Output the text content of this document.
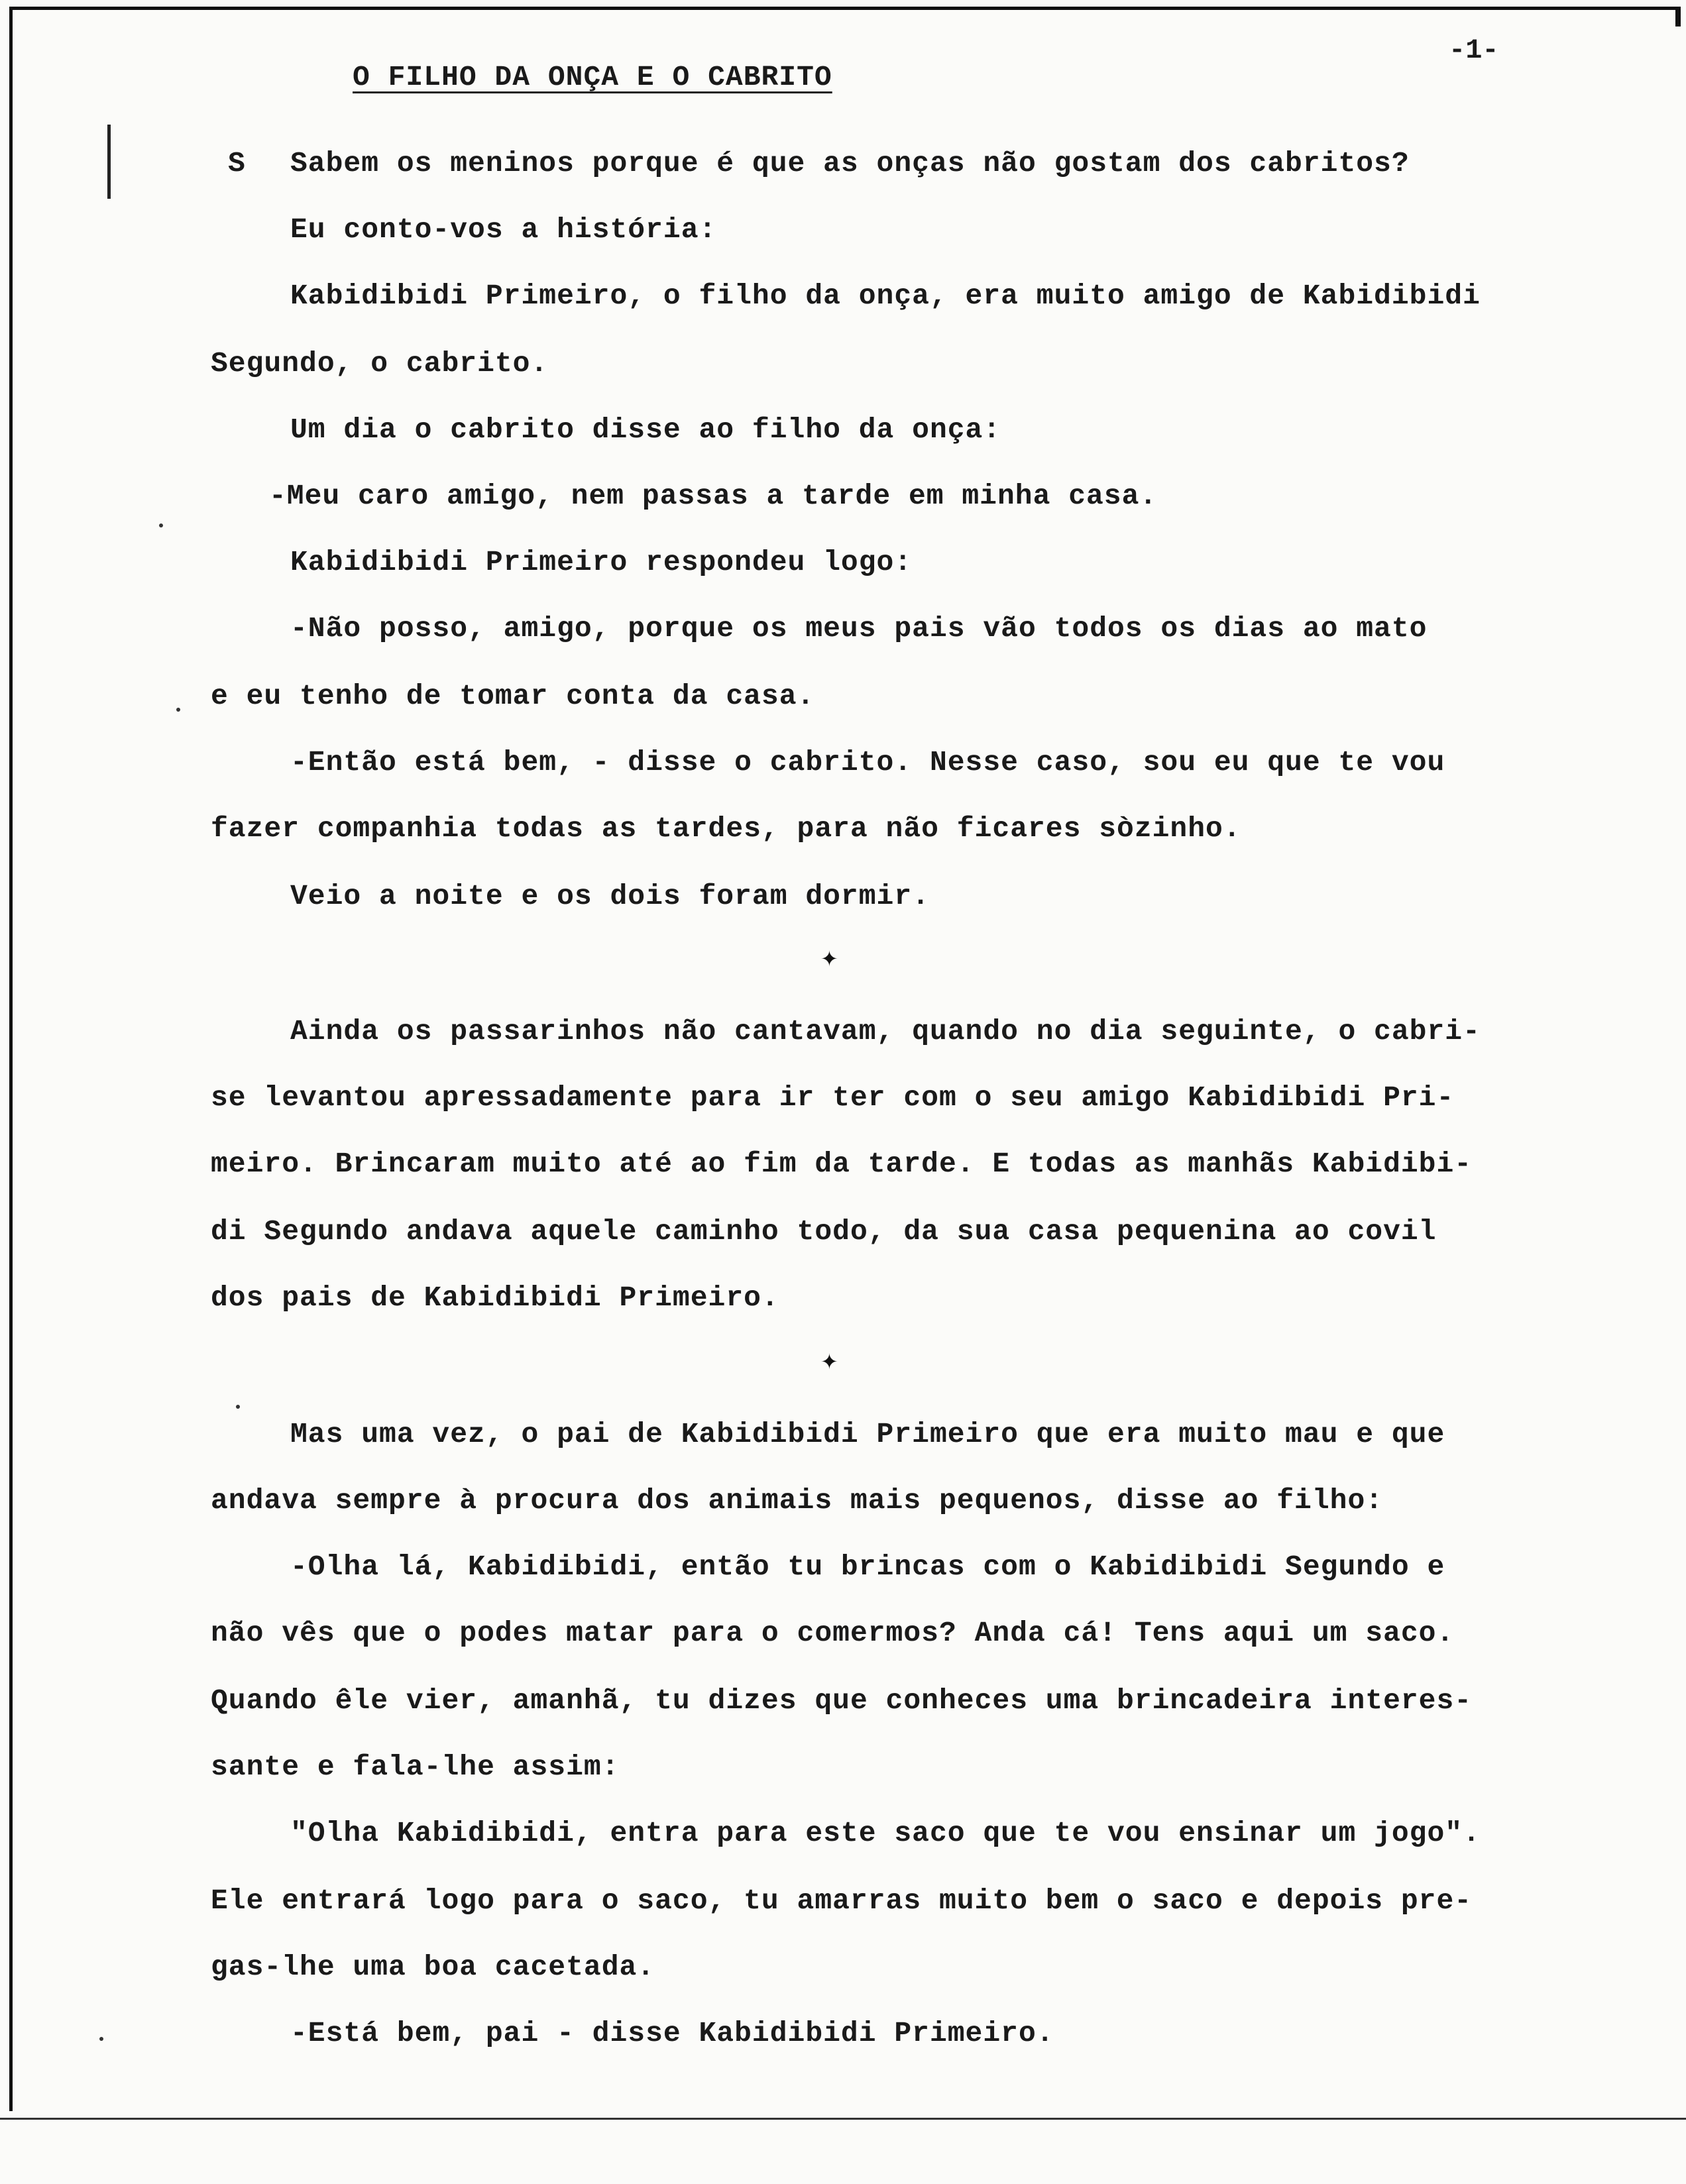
O FILHO DA ONÇA E O CABRITO
-1-
S Sabem os meninos porque é que as onças não gostam dos cabritos?
Eu conto-vos a história:
Kabidibidi Primeiro, o filho da onça, era muito amigo de Kabidibidi
Segundo, o cabrito.
Um dia o cabrito disse ao filho da onça:
-Meu caro amigo, nem passas a tarde em minha casa.
Kabidibidi Primeiro respondeu logo:
-Não posso, amigo, porque os meus pais vão todos os dias ao mato
e eu tenho de tomar conta da casa.
-Então está bem, - disse o cabrito. Nesse caso, sou eu que te vou
fazer companhia todas as tardes, para não ficares sòzinho.
Veio a noite e os dois foram dormir.
✦
Ainda os passarinhos não cantavam, quando no dia seguinte, o cabri-
se levantou apressadamente para ir ter com o seu amigo Kabidibidi Pri-
meiro. Brincaram muito até ao fim da tarde. E todas as manhãs Kabidibi-
di Segundo andava aquele caminho todo, da sua casa pequenina ao covil
dos pais de Kabidibidi Primeiro.
✦
Mas uma vez, o pai de Kabidibidi Primeiro que era muito mau e que
andava sempre à procura dos animais mais pequenos, disse ao filho:
-Olha lá, Kabidibidi, então tu brincas com o Kabidibidi Segundo e
não vês que o podes matar para o comermos? Anda cá! Tens aqui um saco.
Quando êle vier, amanhã, tu dizes que conheces uma brincadeira interes-
sante e fala-lhe assim:
"Olha Kabidibidi, entra para este saco que te vou ensinar um jogo".
Ele entrará logo para o saco, tu amarras muito bem o saco e depois pre-
gas-lhe uma boa cacetada.
-Está bem, pai - disse Kabidibidi Primeiro.
